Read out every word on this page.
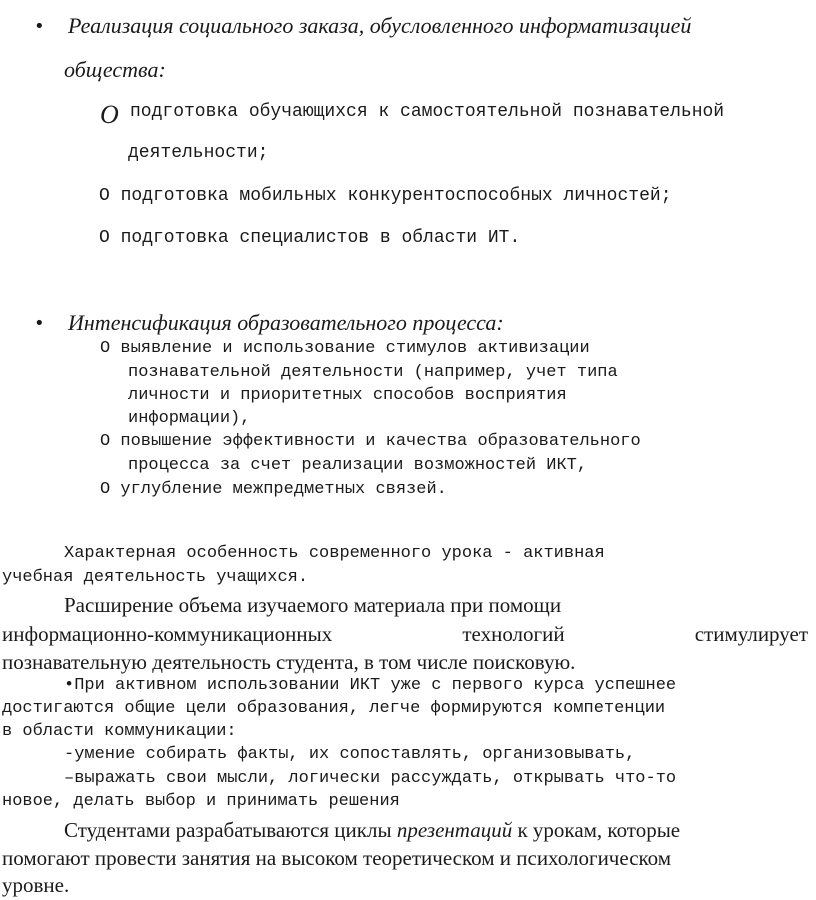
• Реализация социального заказа, обусловленного информатизацией
общества:
O подготовка обучающихся к самостоятельной познавательной
деятельности;
O подготовка мобильных конкурентоспособных личностей;
O подготовка специалистов в области ИТ.
• Интенсификация образовательного процесса:
O выявление и использование стимулов активизации
познавательной деятельности (например, учет типа
личности и приоритетных способов восприятия
информации),
O повышение эффективности и качества образовательного
процесса за счет реализации возможностей ИКТ,
O углубление межпредметных связей.
Характерная особенность современного урока - активная
учебная деятельность учащихся.
Расширение объема изучаемого материала при помощи
информационно-коммуникационных	технологий	стимулирует
познавательную деятельность студента, в том числе поисковую.
•При активном использовании ИКТ уже с первого курса успешнее
достигаются общие цели образования, легче формируются компетенции
в области коммуникации:
-умение собирать факты, их сопоставлять, организовывать,
–выражать свои мысли, логически рассуждать, открывать что-то
новое, делать выбор и принимать решения
Студентами разрабатываются циклы презентаций к урокам, которые
помогают провести занятия на высоком теоретическом и психологическом
уровне.
